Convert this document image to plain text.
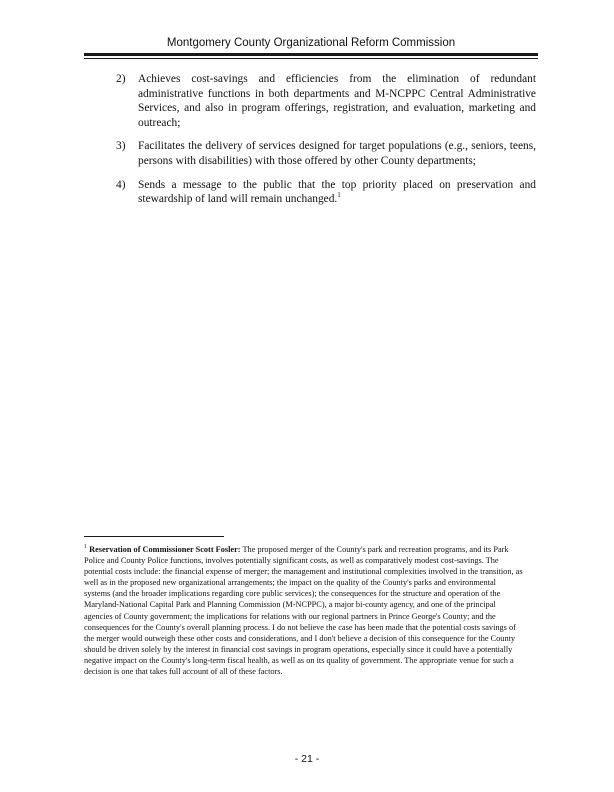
Montgomery County Organizational Reform Commission
2)	Achieves cost-savings and efficiencies from the elimination of redundant administrative functions in both departments and M-NCPPC Central Administrative Services, and also in program offerings, registration, and evaluation, marketing and outreach;
3)	Facilitates the delivery of services designed for target populations (e.g., seniors, teens, persons with disabilities) with those offered by other County departments;
4)	Sends a message to the public that the top priority placed on preservation and stewardship of land will remain unchanged.$^1$
$^1$ Reservation of Commissioner Scott Fosler: The proposed merger of the County's park and recreation programs, and its Park Police and County Police functions, involves potentially significant costs, as well as comparatively modest cost-savings. The potential costs include: the financial expense of merger; the management and institutional complexities involved in the transition, as well as in the proposed new organizational arrangements; the impact on the quality of the County's parks and environmental systems (and the broader implications regarding core public services); the consequences for the structure and operation of the Maryland-National Capital Park and Planning Commission (M-NCPPC), a major bi-county agency, and one of the principal agencies of County government; the implications for relations with our regional partners in Prince George's County; and the consequences for the County's overall planning process. I do not believe the case has been made that the potential costs savings of the merger would outweigh these other costs and considerations, and I don't believe a decision of this consequence for the County should be driven solely by the interest in financial cost savings in program operations, especially since it could have a potentially negative impact on the County's long-term fiscal health, as well as on its quality of government. The appropriate venue for such a decision is one that takes full account of all of these factors.
- 21 -
